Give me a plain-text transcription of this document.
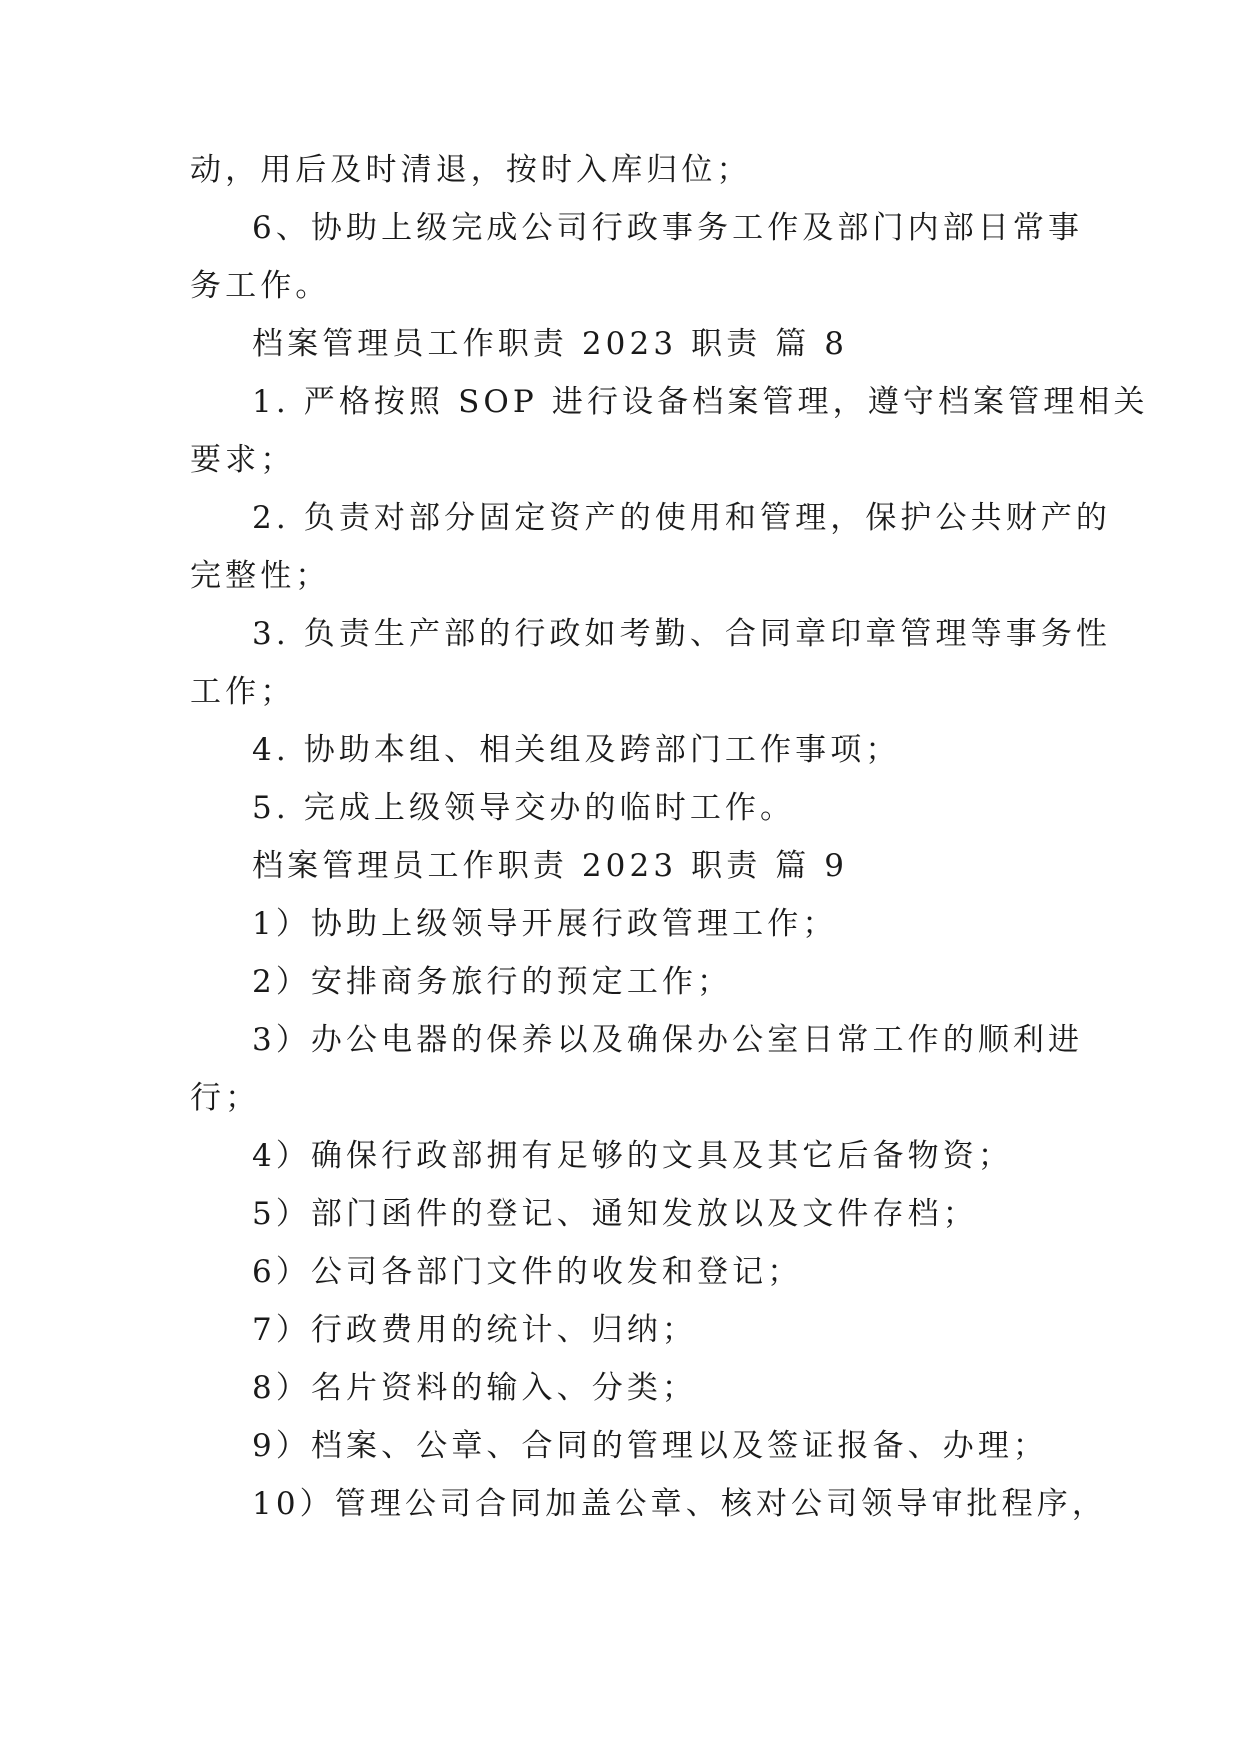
动，用后及时清退，按时入库归位；
6、协助上级完成公司行政事务工作及部门内部日常事
务工作。
档案管理员工作职责 2023 职责 篇 8
1. 严格按照 SOP 进行设备档案管理，遵守档案管理相关
要求；
2. 负责对部分固定资产的使用和管理，保护公共财产的
完整性；
3. 负责生产部的行政如考勤、合同章印章管理等事务性
工作；
4. 协助本组、相关组及跨部门工作事项；
5. 完成上级领导交办的临时工作。
档案管理员工作职责 2023 职责 篇 9
1）协助上级领导开展行政管理工作；
2）安排商务旅行的预定工作；
3）办公电器的保养以及确保办公室日常工作的顺利进
行；
4）确保行政部拥有足够的文具及其它后备物资；
5）部门函件的登记、通知发放以及文件存档；
6）公司各部门文件的收发和登记；
7）行政费用的统计、归纳；
8）名片资料的输入、分类；
9）档案、公章、合同的管理以及签证报备、办理；
10）管理公司合同加盖公章、核对公司领导审批程序，
